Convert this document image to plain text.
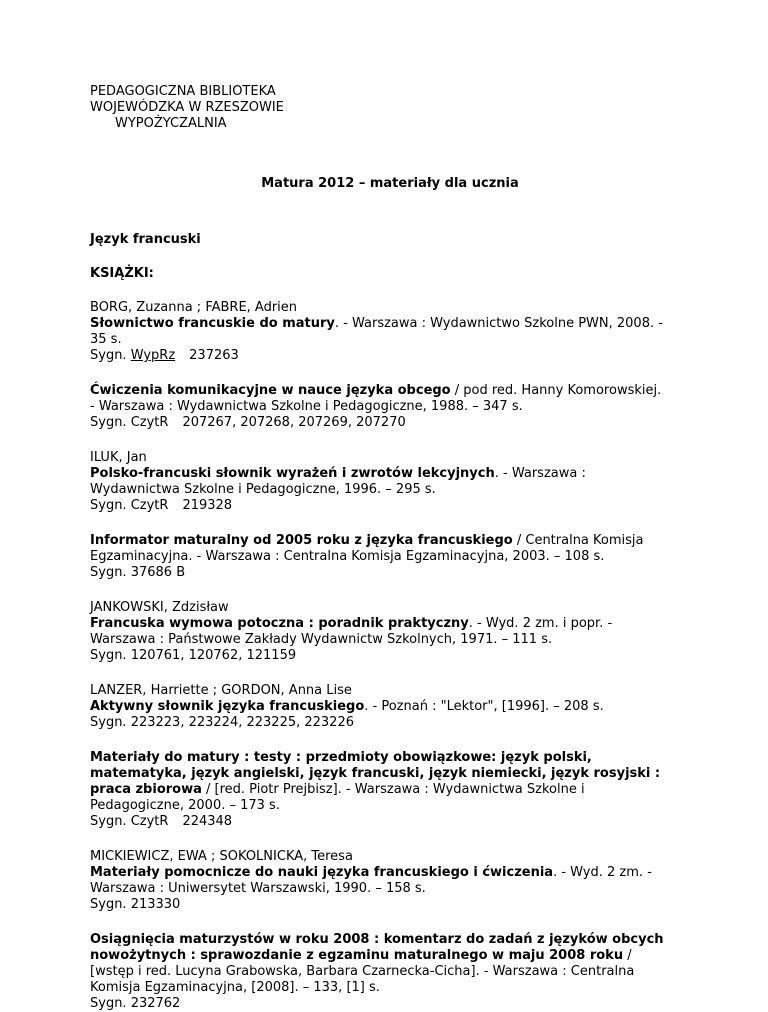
PEDAGOGICZNA BIBLIOTEKA
WOJEWÓDZKA W RZESZOWIE
WYPOŻYCZALNIA
Matura 2012 – materiały dla ucznia
Język francuski
KSIĄŻKI:
BORG, Zuzanna ; FABRE, Adrien
Słownictwo francuskie do matury. - Warszawa : Wydawnictwo Szkolne PWN, 2008. -
35 s.
Sygn. WypRz 237263
Ćwiczenia komunikacyjne w nauce języka obcego / pod red. Hanny Komorowskiej.
- Warszawa : Wydawnictwa Szkolne i Pedagogiczne, 1988. – 347 s.
Sygn. CzytR 207267, 207268, 207269, 207270
ILUK, Jan
Polsko-francuski słownik wyrażeń i zwrotów lekcyjnych. - Warszawa :
Wydawnictwa Szkolne i Pedagogiczne, 1996. – 295 s.
Sygn. CzytR 219328
Informator maturalny od 2005 roku z języka francuskiego / Centralna Komisja
Egzaminacyjna. - Warszawa : Centralna Komisja Egzaminacyjna, 2003. – 108 s.
Sygn. 37686 B
JANKOWSKI, Zdzisław
Francuska wymowa potoczna : poradnik praktyczny. - Wyd. 2 zm. i popr. -
Warszawa : Państwowe Zakłady Wydawnictw Szkolnych, 1971. – 111 s.
Sygn. 120761, 120762, 121159
LANZER, Harriette ; GORDON, Anna Lise
Aktywny słownik języka francuskiego. - Poznań : "Lektor", [1996]. – 208 s.
Sygn. 223223, 223224, 223225, 223226
Materiały do matury : testy : przedmioty obowiązkowe: język polski,
matematyka, język angielski, język francuski, język niemiecki, język rosyjski :
praca zbiorowa / [red. Piotr Prejbisz]. - Warszawa : Wydawnictwa Szkolne i
Pedagogiczne, 2000. – 173 s.
Sygn. CzytR 224348
MICKIEWICZ, EWA ; SOKOLNICKA, Teresa
Materiały pomocnicze do nauki języka francuskiego i ćwiczenia. - Wyd. 2 zm. -
Warszawa : Uniwersytet Warszawski, 1990. – 158 s.
Sygn. 213330
Osiągnięcia maturzystów w roku 2008 : komentarz do zadań z języków obcych
nowożytnych : sprawozdanie z egzaminu maturalnego w maju 2008 roku /
[wstęp i red. Lucyna Grabowska, Barbara Czarnecka-Cicha]. - Warszawa : Centralna
Komisja Egzaminacyjna, [2008]. – 133, [1] s.
Sygn. 232762
